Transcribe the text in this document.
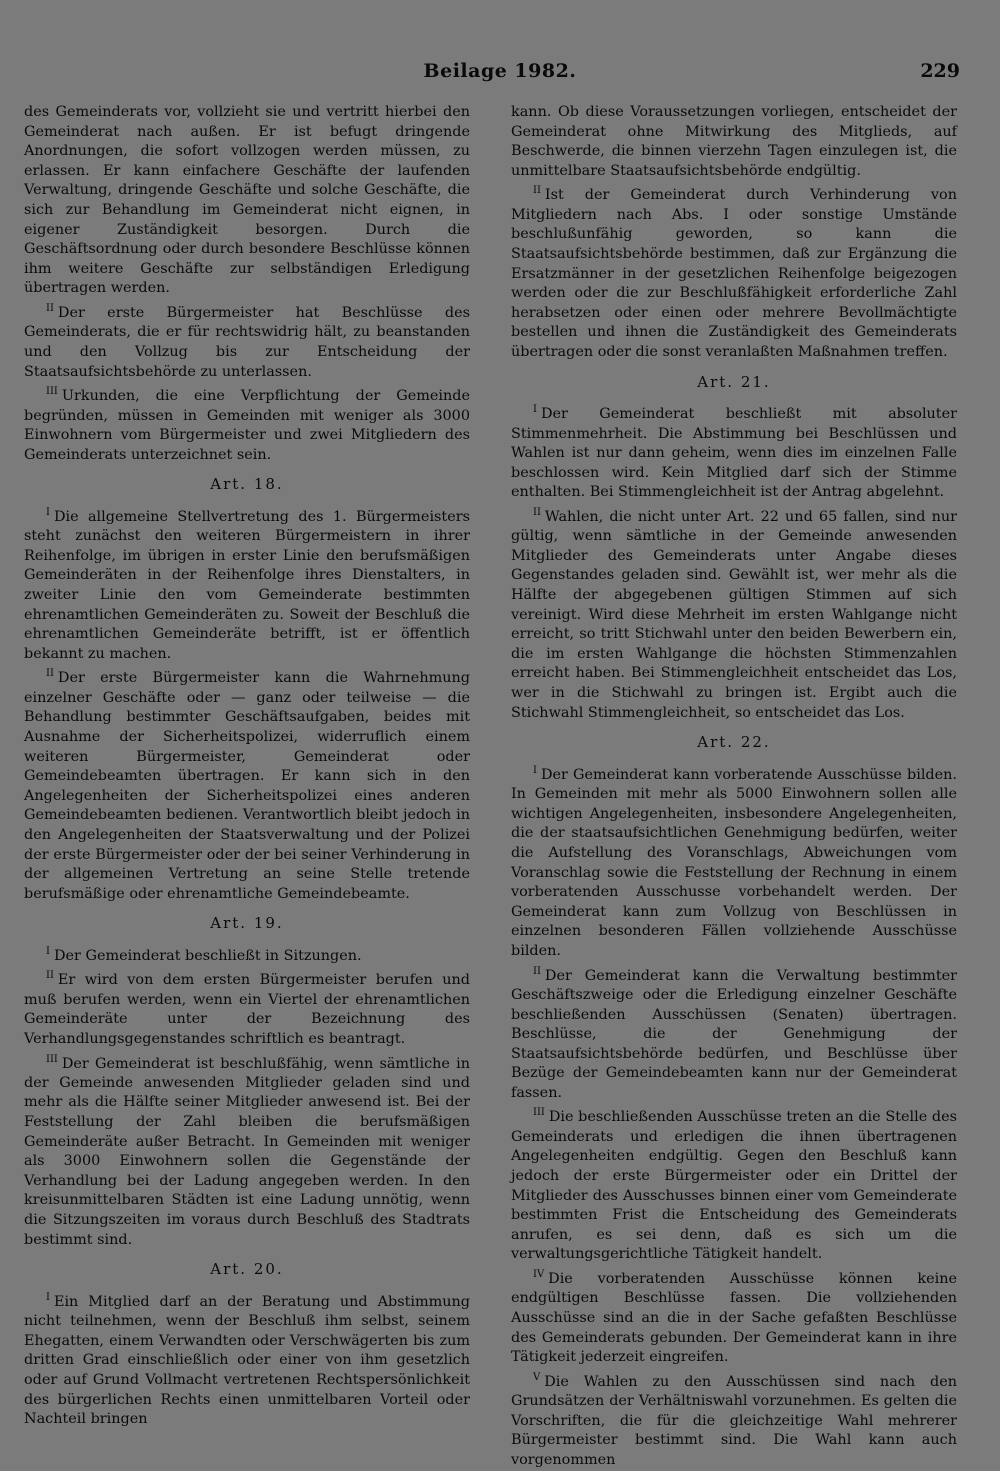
Beilage 1982.	229

des Gemeinderats vor, vollzieht sie und vertritt hierbei den Gemeinderat nach außen. Er ist befugt dringende Anordnungen, die sofort vollzogen werden müssen, zu erlassen. Er kann einfachere Geschäfte der laufenden Verwaltung, dringende Geschäfte und solche Geschäfte, die sich zur Behandlung im Gemeinderat nicht eignen, in eigener Zuständigkeit besorgen. Durch die Geschäftsordnung oder durch besondere Beschlüsse können ihm weitere Geschäfte zur selbständigen Erledigung übertragen werden.

$^{II}$ Der erste Bürgermeister hat Beschlüsse des Gemeinderats, die er für rechtswidrig hält, zu beanstanden und den Vollzug bis zur Entscheidung der Staatsaufsichtsbehörde zu unterlassen.

$^{III}$ Urkunden, die eine Verpflichtung der Gemeinde begründen, müssen in Gemeinden mit weniger als 3000 Einwohnern vom Bürgermeister und zwei Mitgliedern des Gemeinderats unterzeichnet sein.

Art. 18.

$^I$ Die allgemeine Stellvertretung des 1. Bürgermeisters steht zunächst den weiteren Bürgermeistern in ihrer Reihenfolge, im übrigen in erster Linie den berufsmäßigen Gemeinderäten in der Reihenfolge ihres Dienstalters, in zweiter Linie den vom Gemeinderate bestimmten ehrenamtlichen Gemeinderäten zu. Soweit der Beschluß die ehrenamtlichen Gemeinderäte betrifft, ist er öffentlich bekannt zu machen.

$^{II}$ Der erste Bürgermeister kann die Wahrnehmung einzelner Geschäfte oder — ganz oder teilweise — die Behandlung bestimmter Geschäftsaufgaben, beides mit Ausnahme der Sicherheitspolizei, widerruflich einem weiteren Bürgermeister, Gemeinderat oder Gemeindebeamten übertragen. Er kann sich in den Angelegenheiten der Sicherheitspolizei eines anderen Gemeindebeamten bedienen. Verantwortlich bleibt jedoch in den Angelegenheiten der Staatsverwaltung und der Polizei der erste Bürgermeister oder der bei seiner Verhinderung in der allgemeinen Vertretung an seine Stelle tretende berufsmäßige oder ehrenamtliche Gemeindebeamte.

Art. 19.

$^I$ Der Gemeinderat beschließt in Sitzungen.

$^{II}$ Er wird von dem ersten Bürgermeister berufen und muß berufen werden, wenn ein Viertel der ehrenamtlichen Gemeinderäte unter der Bezeichnung des Verhandlungsgegenstandes schriftlich es beantragt.

$^{III}$ Der Gemeinderat ist beschlußfähig, wenn sämtliche in der Gemeinde anwesenden Mitglieder geladen sind und mehr als die Hälfte seiner Mitglieder anwesend ist. Bei der Feststellung der Zahl bleiben die berufsmäßigen Gemeinderäte außer Betracht. In Gemeinden mit weniger als 3000 Einwohnern sollen die Gegenstände der Verhandlung bei der Ladung angegeben werden. In den kreisunmittelbaren Städten ist eine Ladung unnötig, wenn die Sitzungszeiten im voraus durch Beschluß des Stadtrats bestimmt sind.

Art. 20.

$^I$ Ein Mitglied darf an der Beratung und Abstimmung nicht teilnehmen, wenn der Beschluß ihm selbst, seinem Ehegatten, einem Verwandten oder Verschwägerten bis zum dritten Grad einschließlich oder einer von ihm gesetzlich oder auf Grund Vollmacht vertretenen Rechtspersönlichkeit des bürgerlichen Rechts einen unmittelbaren Vorteil oder Nachteil bringen

kann. Ob diese Voraussetzungen vorliegen, entscheidet der Gemeinderat ohne Mitwirkung des Mitglieds, auf Beschwerde, die binnen vierzehn Tagen einzulegen ist, die unmittelbare Staatsaufsichtsbehörde endgültig.

$^{II}$ Ist der Gemeinderat durch Verhinderung von Mitgliedern nach Abs. I oder sonstige Umstände beschlußunfähig geworden, so kann die Staatsaufsichtsbehörde bestimmen, daß zur Ergänzung die Ersatzmänner in der gesetzlichen Reihenfolge beigezogen werden oder die zur Beschlußfähigkeit erforderliche Zahl herabsetzen oder einen oder mehrere Bevollmächtigte bestellen und ihnen die Zuständigkeit des Gemeinderats übertragen oder die sonst veranlaßten Maßnahmen treffen.

Art. 21.

$^I$ Der Gemeinderat beschließt mit absoluter Stimmenmehrheit. Die Abstimmung bei Beschlüssen und Wahlen ist nur dann geheim, wenn dies im einzelnen Falle beschlossen wird. Kein Mitglied darf sich der Stimme enthalten. Bei Stimmengleichheit ist der Antrag abgelehnt.

$^{II}$ Wahlen, die nicht unter Art. 22 und 65 fallen, sind nur gültig, wenn sämtliche in der Gemeinde anwesenden Mitglieder des Gemeinderats unter Angabe dieses Gegenstandes geladen sind. Gewählt ist, wer mehr als die Hälfte der abgegebenen gültigen Stimmen auf sich vereinigt. Wird diese Mehrheit im ersten Wahlgange nicht erreicht, so tritt Stichwahl unter den beiden Bewerbern ein, die im ersten Wahlgange die höchsten Stimmenzahlen erreicht haben. Bei Stimmengleichheit entscheidet das Los, wer in die Stichwahl zu bringen ist. Ergibt auch die Stichwahl Stimmengleichheit, so entscheidet das Los.

Art. 22.

$^I$ Der Gemeinderat kann vorberatende Ausschüsse bilden. In Gemeinden mit mehr als 5000 Einwohnern sollen alle wichtigen Angelegenheiten, insbesondere Angelegenheiten, die der staatsaufsichtlichen Genehmigung bedürfen, weiter die Aufstellung des Voranschlags, Abweichungen vom Voranschlag sowie die Feststellung der Rechnung in einem vorberatenden Ausschusse vorbehandelt werden. Der Gemeinderat kann zum Vollzug von Beschlüssen in einzelnen besonderen Fällen vollziehende Ausschüsse bilden.

$^{II}$ Der Gemeinderat kann die Verwaltung bestimmter Geschäftszweige oder die Erledigung einzelner Geschäfte beschließenden Ausschüssen (Senaten) übertragen. Beschlüsse, die der Genehmigung der Staatsaufsichtsbehörde bedürfen, und Beschlüsse über Bezüge der Gemeindebeamten kann nur der Gemeinderat fassen.

$^{III}$ Die beschließenden Ausschüsse treten an die Stelle des Gemeinderats und erledigen die ihnen übertragenen Angelegenheiten endgültig. Gegen den Beschluß kann jedoch der erste Bürgermeister oder ein Drittel der Mitglieder des Ausschusses binnen einer vom Gemeinderate bestimmten Frist die Entscheidung des Gemeinderats anrufen, es sei denn, daß es sich um die verwaltungsgerichtliche Tätigkeit handelt.

$^{IV}$ Die vorberatenden Ausschüsse können keine endgültigen Beschlüsse fassen. Die vollziehenden Ausschüsse sind an die in der Sache gefaßten Beschlüsse des Gemeinderats gebunden. Der Gemeinderat kann in ihre Tätigkeit jederzeit eingreifen.

$^V$ Die Wahlen zu den Ausschüssen sind nach den Grundsätzen der Verhältniswahl vorzunehmen. Es gelten die Vorschriften, die für die gleichzeitige Wahl mehrerer Bürgermeister bestimmt sind. Die Wahl kann auch vorgenommen
